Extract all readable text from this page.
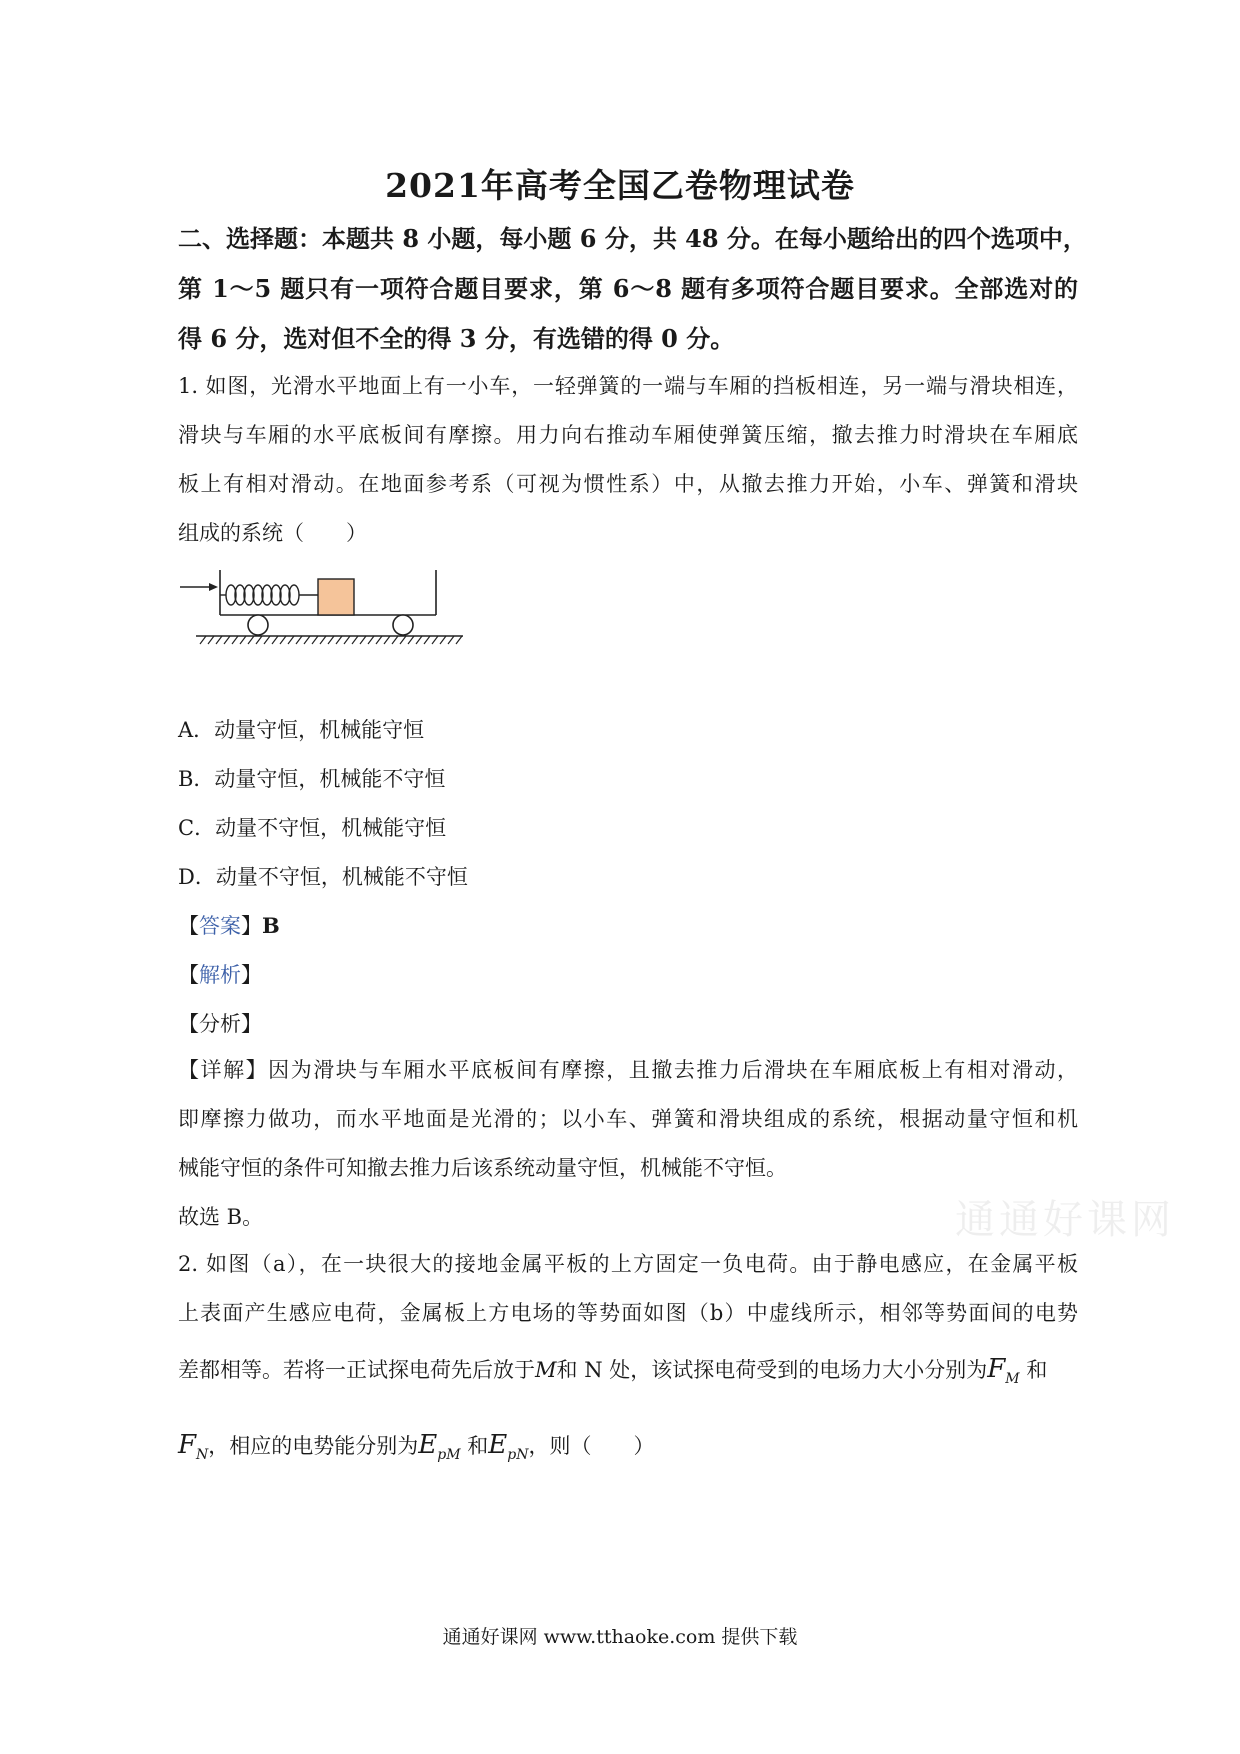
2021年高考全国乙卷物理试卷
二、选择题：本题共 8 小题，每小题 6 分，共 48 分。在每小题给出的四个选项中，
第 1～5 题只有一项符合题目要求，第 6～8 题有多项符合题目要求。全部选对的
得 6 分，选对但不全的得 3 分，有选错的得 0 分。
1. 如图，光滑水平地面上有一小车，一轻弹簧的一端与车厢的挡板相连，另一端与滑块相连，
滑块与车厢的水平底板间有摩擦。用力向右推动车厢使弹簧压缩，撤去推力时滑块在车厢底
板上有相对滑动。在地面参考系（可视为惯性系）中，从撤去推力开始，小车、弹簧和滑块
组成的系统（　　）
A．动量守恒，机械能守恒
B．动量守恒，机械能不守恒
C．动量不守恒，机械能守恒
D．动量不守恒，机械能不守恒
【答案】B
【解析】
【分析】
【详解】因为滑块与车厢水平底板间有摩擦，且撤去推力后滑块在车厢底板上有相对滑动，
即摩擦力做功，而水平地面是光滑的；以小车、弹簧和滑块组成的系统，根据动量守恒和机
械能守恒的条件可知撤去推力后该系统动量守恒，机械能不守恒。
故选 B。	通通好课网
2. 如图（a），在一块很大的接地金属平板的上方固定一负电荷。由于静电感应，在金属平板
上表面产生感应电荷，金属板上方电场的等势面如图（b）中虚线所示，相邻等势面间的电势
差都相等。若将一正试探电荷先后放于M和 N 处，该试探电荷受到的电场力大小分别为$F_M$ 和
$F_N$，相应的电势能分别为$E_{pM}$ 和$E_{pN}$，则（　　）
通通好课网 www.tthaoke.com 提供下载
